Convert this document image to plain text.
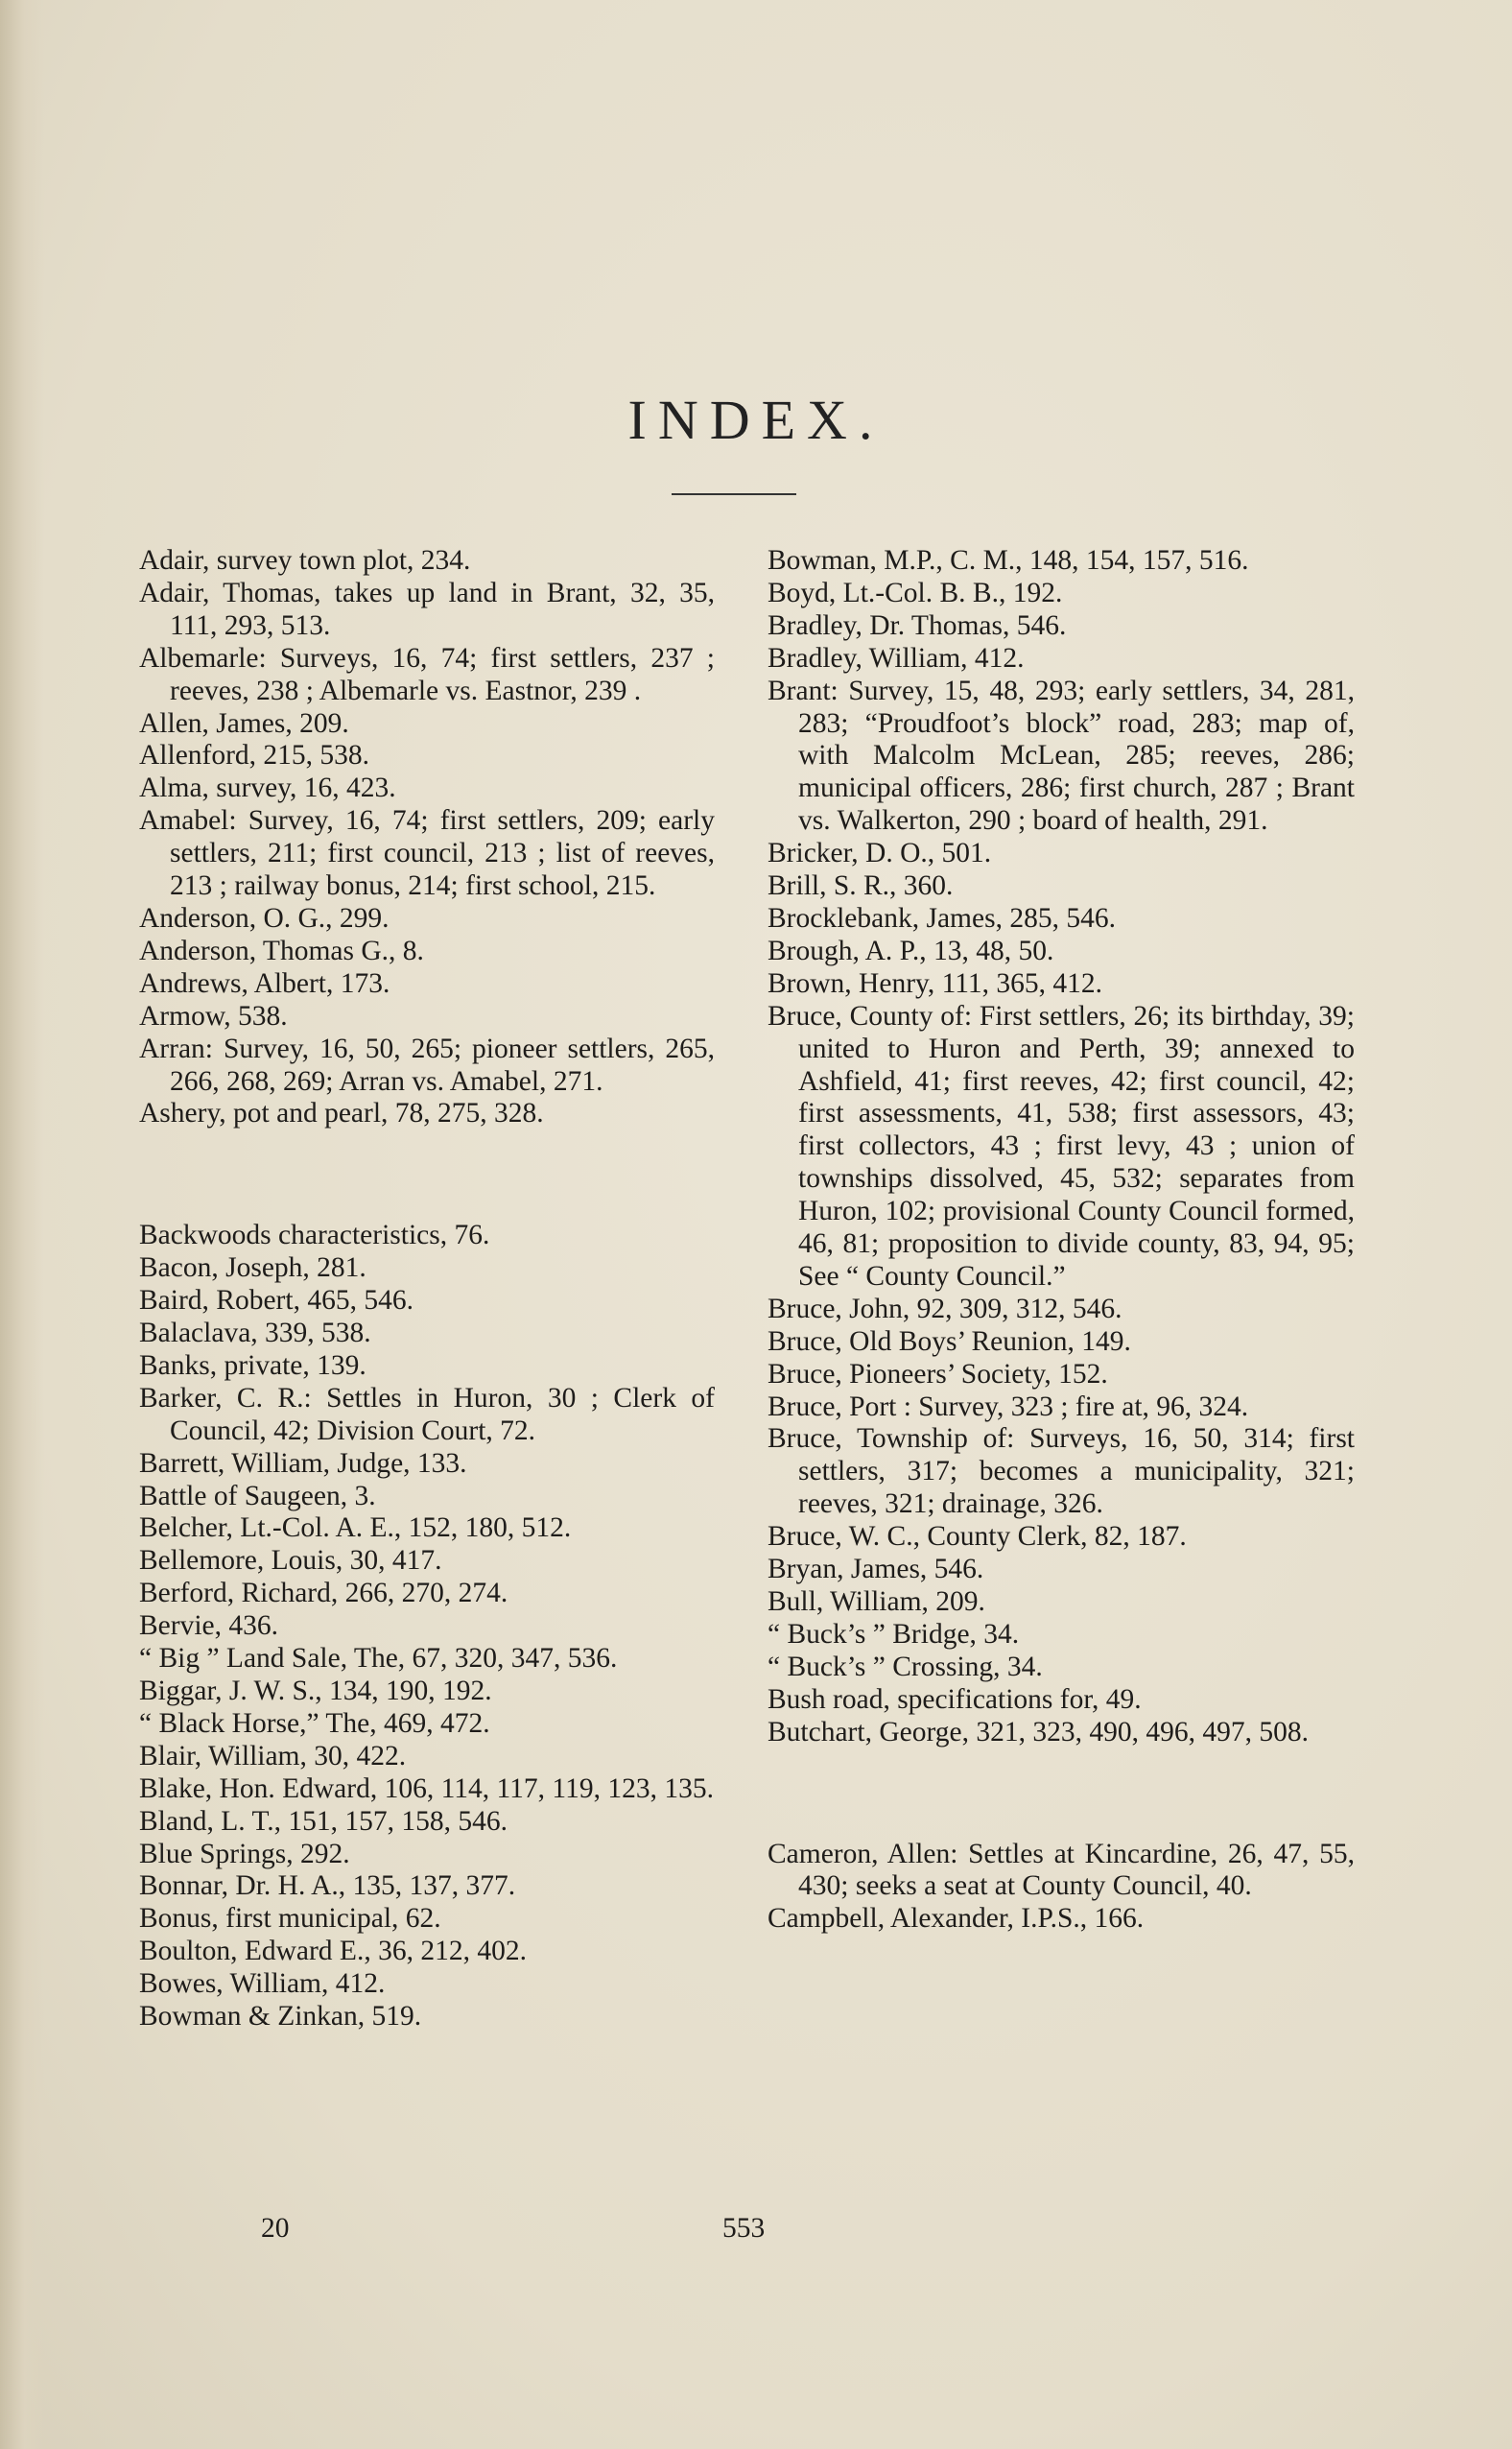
INDEX.

Adair, survey town plot, 234.

Adair, Thomas, takes up land in Brant, 32, 35, 111, 293, 513.

Albemarle: Surveys, 16, 74; first settlers, 237 ; reeves, 238 ; Albemarle vs. Eastnor, 239 .

Allen, James, 209.

Allenford, 215, 538.

Alma, survey, 16, 423.

Amabel: Survey, 16, 74; first settlers, 209; early settlers, 211; first council, 213 ; list of reeves, 213 ; railway bonus, 214; first school, 215.

Anderson, O. G., 299.

Anderson, Thomas G., 8.

Andrews, Albert, 173.

Armow, 538.

Arran: Survey, 16, 50, 265; pioneer settlers, 265, 266, 268, 269; Arran vs. Amabel, 271.

Ashery, pot and pearl, 78, 275, 328.

Backwoods characteristics, 76.

Bacon, Joseph, 281.

Baird, Robert, 465, 546.

Balaclava, 339, 538.

Banks, private, 139.

Barker, C. R.: Settles in Huron, 30 ; Clerk of Council, 42; Division Court, 72.

Barrett, William, Judge, 133.

Battle of Saugeen, 3.

Belcher, Lt.-Col. A. E., 152, 180, 512.

Bellemore, Louis, 30, 417.

Berford, Richard, 266, 270, 274.

Bervie, 436.

“ Big ” Land Sale, The, 67, 320, 347, 536.

Biggar, J. W. S., 134, 190, 192.

“ Black Horse,” The, 469, 472.

Blair, William, 30, 422.

Blake, Hon. Edward, 106, 114, 117, 119, 123, 135.

Bland, L. T., 151, 157, 158, 546.

Blue Springs, 292.

Bonnar, Dr. H. A., 135, 137, 377.

Bonus, first municipal, 62.

Boulton, Edward E., 36, 212, 402.

Bowes, William, 412.

Bowman & Zinkan, 519.

Bowman, M.P., C. M., 148, 154, 157, 516.

Boyd, Lt.-Col. B. B., 192.

Bradley, Dr. Thomas, 546.

Bradley, William, 412.

Brant: Survey, 15, 48, 293; early settlers, 34, 281, 283; “Proudfoot’s block” road, 283; map of, with Malcolm McLean, 285; reeves, 286; municipal officers, 286; first church, 287 ; Brant vs. Walkerton, 290 ; board of health, 291.

Bricker, D. O., 501.

Brill, S. R., 360.

Brocklebank, James, 285, 546.

Brough, A. P., 13, 48, 50.

Brown, Henry, 111, 365, 412.

Bruce, County of: First settlers, 26; its birthday, 39; united to Huron and Perth, 39; annexed to Ashfield, 41; first reeves, 42; first council, 42; first assessments, 41, 538; first assessors, 43; first collectors, 43 ; first levy, 43 ; union of townships dissolved, 45, 532; separates from Huron, 102; provisional County Council formed, 46, 81; proposition to divide county, 83, 94, 95; See “ County Council.”

Bruce, John, 92, 309, 312, 546.

Bruce, Old Boys’ Reunion, 149.

Bruce, Pioneers’ Society, 152.

Bruce, Port : Survey, 323 ; fire at, 96, 324.

Bruce, Township of: Surveys, 16, 50, 314; first settlers, 317; becomes a municipality, 321; reeves, 321; drainage, 326.

Bruce, W. C., County Clerk, 82, 187.

Bryan, James, 546.

Bull, William, 209.

“ Buck’s ” Bridge, 34.

“ Buck’s ” Crossing, 34.

Bush road, specifications for, 49.

Butchart, George, 321, 323, 490, 496, 497, 508.

Cameron, Allen: Settles at Kincardine, 26, 47, 55, 430; seeks a seat at County Council, 40.

Campbell, Alexander, I.P.S., 166.

20	553
